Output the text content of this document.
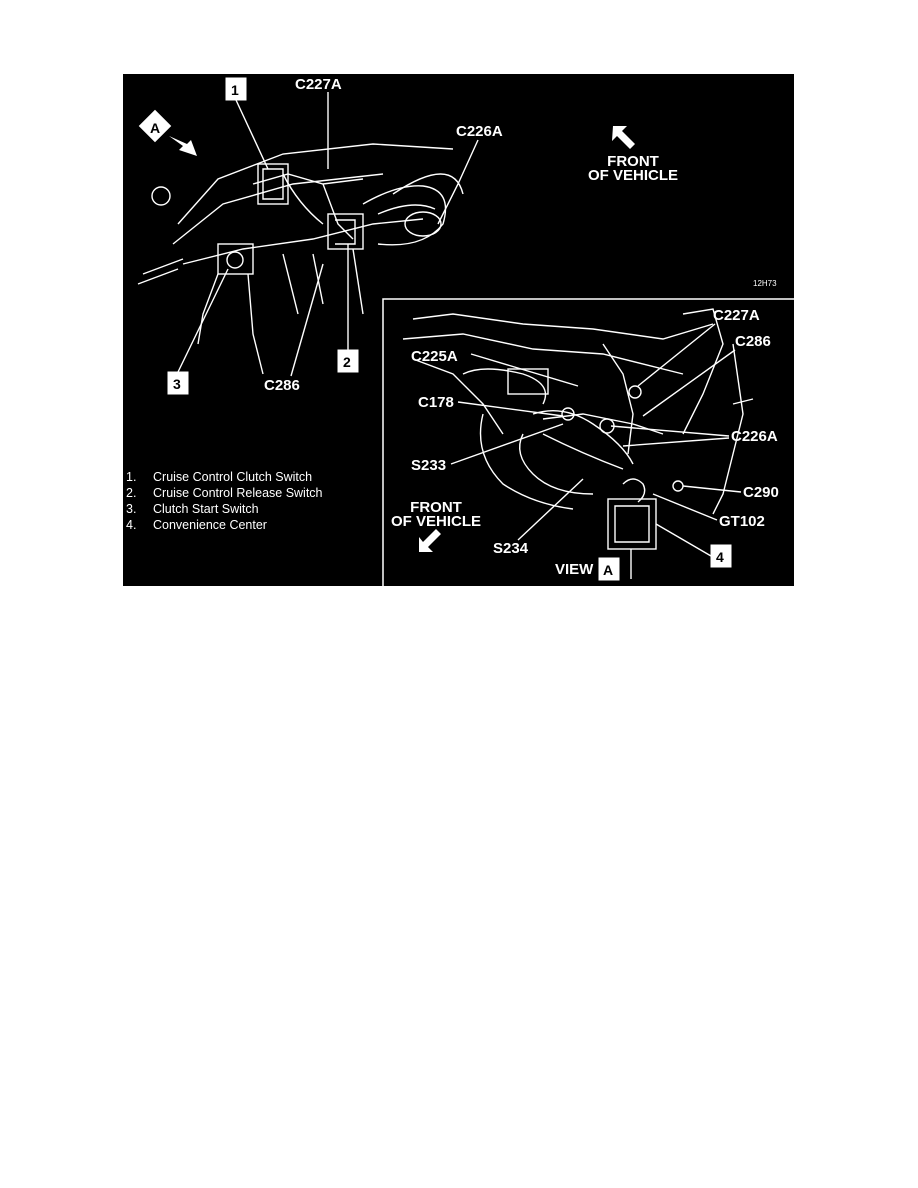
A
1	C227A
C226A
FRONT
OF VEHICLE
12H73
2
3	C286
1. Cruise Control Clutch Switch
2. Cruise Control Release Switch
3. Clutch Start Switch
4. Convenience Center
C227A
C286
C225A
C178
C226A
S233
C290
GT102
S234
FRONT
OF VEHICLE
4
VIEW A
